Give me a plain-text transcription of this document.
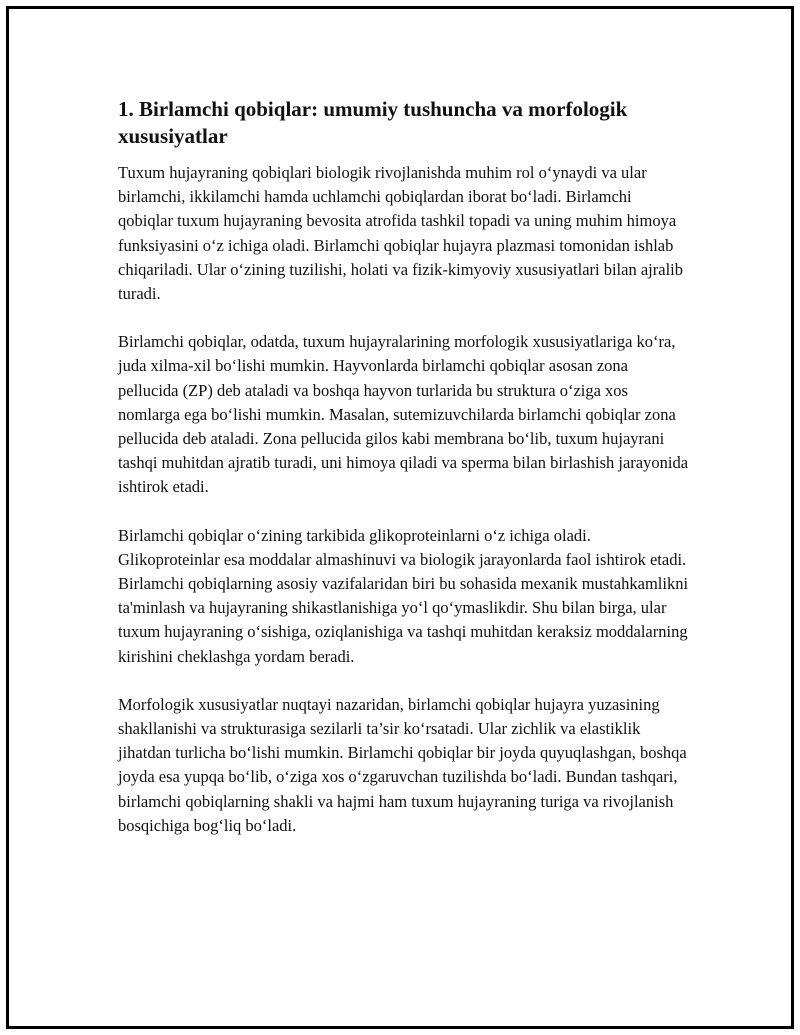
1. Birlamchi qobiqlar: umumiy tushuncha va morfologik xususiyatlar

Tuxum hujayraning qobiqlari biologik rivojlanishda muhim rol o‘ynaydi va ular birlamchi, ikkilamchi hamda uchlamchi qobiqlardan iborat bo‘ladi. Birlamchi qobiqlar tuxum hujayraning bevosita atrofida tashkil topadi va uning muhim himoya funksiyasini o‘z ichiga oladi. Birlamchi qobiqlar hujayra plazmasi tomonidan ishlab chiqariladi. Ular o‘zining tuzilishi, holati va fizik-kimyoviy xususiyatlari bilan ajralib turadi.

Birlamchi qobiqlar, odatda, tuxum hujayralarining morfologik xususiyatlariga ko‘ra, juda xilma-xil bo‘lishi mumkin. Hayvonlarda birlamchi qobiqlar asosan zona pellucida (ZP) deb ataladi va boshqa hayvon turlarida bu struktura o‘ziga xos nomlarga ega bo‘lishi mumkin. Masalan, sutemizuvchilarda birlamchi qobiqlar zona pellucida deb ataladi. Zona pellucida gilos kabi membrana bo‘lib, tuxum hujayrani tashqi muhitdan ajratib turadi, uni himoya qiladi va sperma bilan birlashish jarayonida ishtirok etadi.

Birlamchi qobiqlar o‘zining tarkibida glikoproteinlarni o‘z ichiga oladi. Glikoproteinlar esa moddalar almashinuvi va biologik jarayonlarda faol ishtirok etadi. Birlamchi qobiqlarning asosiy vazifalaridan biri bu sohasida mexanik mustahkamlikni ta'minlash va hujayraning shikastlanishiga yo‘l qo‘ymaslikdir. Shu bilan birga, ular tuxum hujayraning o‘sishiga, oziqlanishiga va tashqi muhitdan keraksiz moddalarning kirishini cheklashga yordam beradi.

Morfologik xususiyatlar nuqtayi nazaridan, birlamchi qobiqlar hujayra yuzasining shakllanishi va strukturasiga sezilarli ta’sir ko‘rsatadi. Ular zichlik va elastiklik jihatdan turlicha bo‘lishi mumkin. Birlamchi qobiqlar bir joyda quyuqlashgan, boshqa joyda esa yupqa bo‘lib, o‘ziga xos o‘zgaruvchan tuzilishda bo‘ladi. Bundan tashqari, birlamchi qobiqlarning shakli va hajmi ham tuxum hujayraning turiga va rivojlanish bosqichiga bog‘liq bo‘ladi.
